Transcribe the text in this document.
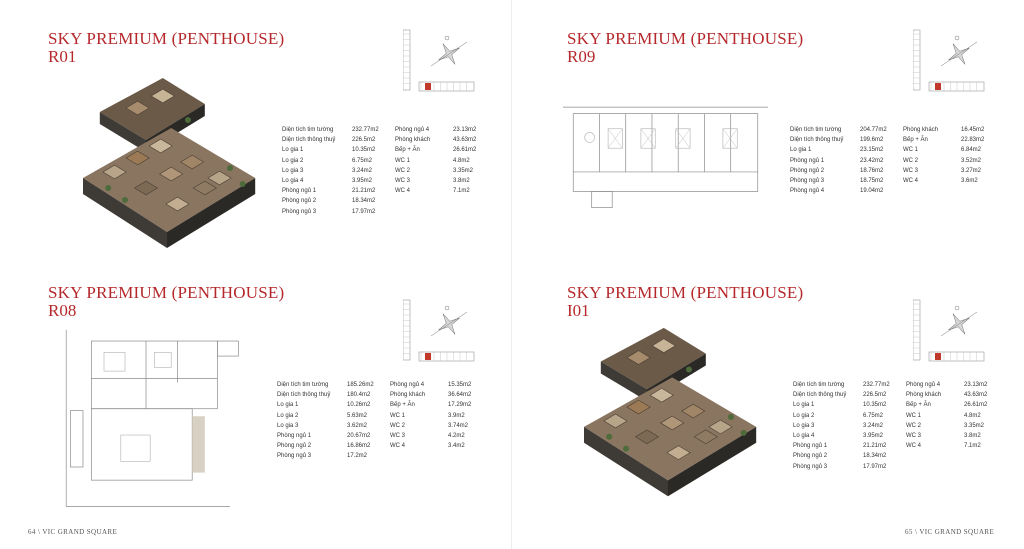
SKY PREMIUM (PENTHOUSE)
R01
Diện tích tim tường	232.77m2
Diện tích thông thuỷ	226.5m2
Lo gia 1	10.35m2
Lo gia 2	6.75m2
Lo gia 3	3.24m2
Lo gia 4	3.95m2
Phòng ngủ 1	21.21m2
Phòng ngủ 2	18.34m2
Phòng ngủ 3	17.97m2
Phòng ngủ 4	23.13m2
Phòng khách	43.63m2
Bếp + Ăn	26.61m2
WC 1	4.8m2
WC 2	3.35m2
WC 3	3.8m2
WC 4	7.1m2
SKY PREMIUM (PENTHOUSE)
R09
Diện tích tim tường	204.77m2
Diện tích thông thuỷ	199.6m2
Lo gia 1	23.15m2
Phòng ngủ 1	23.42m2
Phòng ngủ 2	18.76m2
Phòng ngủ 3	18.75m2
Phòng ngủ 4	19.04m2
Phòng khách	16.45m2
Bếp + Ăn	22.83m2
WC 1	6.84m2
WC 2	3.52m2
WC 3	3.27m2
WC 4	3.6m2
SKY PREMIUM (PENTHOUSE)
R08
Diện tích tim tường	185.26m2
Diện tích thông thuỷ	180.4m2
Lo gia 1	10.26m2
Lo gia 2	5.63m2
Lo gia 3	3.62m2
Phòng ngủ 1	20.67m2
Phòng ngủ 2	16.86m2
Phòng ngủ 3	17.2m2
Phòng ngủ 4	15.35m2
Phòng khách	36.64m2
Bếp + Ăn	17.29m2
WC 1	3.9m2
WC 2	3.74m2
WC 3	4.2m2
WC 4	3.4m2
SKY PREMIUM (PENTHOUSE)
I01
Diện tích tim tường	232.77m2
Diện tích thông thuỷ	226.5m2
Lo gia 1	10.35m2
Lo gia 2	6.75m2
Lo gia 3	3.24m2
Lo gia 4	3.95m2
Phòng ngủ 1	21.21m2
Phòng ngủ 2	18.34m2
Phòng ngủ 3	17.97m2
Phòng ngủ 4	23.13m2
Phòng khách	43.63m2
Bếp + Ăn	26.61m2
WC 1	4.8m2
WC 2	3.35m2
WC 3	3.8m2
WC 4	7.1m2
64 \ VIC GRAND SQUARE	65 \ VIC GRAND SQUARE
